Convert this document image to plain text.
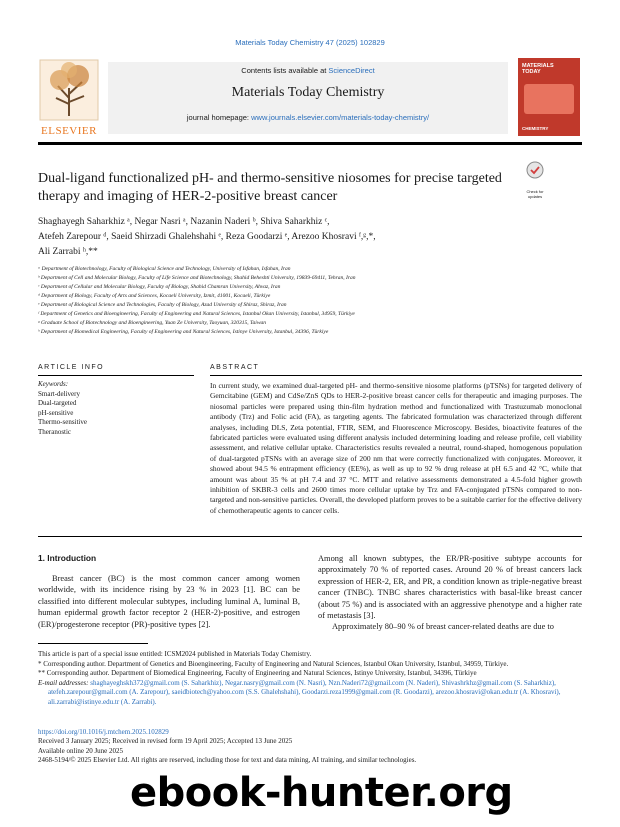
Materials Today Chemistry 47 (2025) 102829
ELSEVIER
Contents lists available at ScienceDirect
Materials Today Chemistry
journal homepage: www.journals.elsevier.com/materials-today-chemistry/
MATERIALS
TODAY
CHEMISTRY
Dual-ligand functionalized pH- and thermo-sensitive niosomes for precise targeted therapy and imaging of HER-2-positive breast cancer	Check for updates
Shaghayegh Saharkhiz ᵃ, Negar Nasri ᵃ, Nazanin Naderi ᵇ, Shiva Saharkhiz ᶜ,
Atefeh Zarepour ᵈ, Saeid Shirzadi Ghalehshahi ᵉ, Reza Goodarzi ᵉ, Arezoo Khosravi ᶠ,ᵍ,*,
Ali Zarrabi ʰ,**
ᵃ Department of Biotechnology, Faculty of Biological Science and Technology, University of Isfahan, Isfahan, Iran
ᵇ Department of Cell and Molecular Biology, Faculty of Life Science and Biotechnology, Shahid Beheshti University, 19839-69411, Tehran, Iran
ᶜ Department of Cellular and Molecular Biology, Faculty of Biology, Shahid Chamran University, Ahvaz, Iran
ᵈ Department of Biology, Faculty of Arts and Sciences, Kocaeli University, Izmit, 41001, Kocaeli, Türkiye
ᵉ Department of Biological Science and Technologies, Faculty of Biology, Azad University of Shiraz, Shiraz, Iran
ᶠ Department of Genetics and Bioengineering, Faculty of Engineering and Natural Sciences, Istanbul Okan University, Istanbul, 34959, Türkiye
ᵍ Graduate School of Biotechnology and Bioengineering, Yuan Ze University, Taoyuan, 320315, Taiwan
ʰ Department of Biomedical Engineering, Faculty of Engineering and Natural Sciences, Istinye University, Istanbul, 34396, Türkiye
ARTICLE INFO	ABSTRACT
Keywords:
Smart-delivery
Dual-targeted
pH-sensitive
Thermo-sensitive
Theranostic
In current study, we examined dual-targeted pH- and thermo-sensitive niosome platforms (pTSNs) for targeted delivery of Gemcitabine (GEM) and CdSe/ZnS QDs to HER-2-positive breast cancer cells for therapeutic and imaging purposes. The niosomal particles were prepared using thin-film hydration method and functionalized with Trastuzumab monoclonal antibody (Trz) and Folic acid (FA), as targeting agents. The fabricated formulation was characterized through different analyses, including DLS, Zeta potential, FTIR, SEM, and Fluorescence Microscopy. Besides, bioactivite features of the fabricated particles were evaluated using different analysis included determining loading and release profile, cell viability assessment, and relative cellular uptake. Characteristics results revealed a neutral, round-shaped, homogenous population of dual-targeted pTSNs with an average size of 200 nm that were correctly functionalized with conjugates. Moreover, it showed about 94.5 % entrapment efficiency (EE%), as well as up to 92 % drug release at pH 6.5 and 42 °C, while that amount was about 35 % at pH 7.4 and 37 °C. MTT and relative assessments demonstrated a 4.5-fold higher growth inhibition of SKBR-3 cells and 2600 times more cellular uptake by Trz and FA-conjugated pTSNs compared to non-targeted and non-sensitive particles. Overall, the developed platform proves to be a suitable carrier for the effective delivery of chemotherapeutic agents to cancer cells.
1. Introduction
Breast cancer (BC) is the most common cancer among women worldwide, with its incidence rising by 23 % in 2023 [1]. BC can be classified into different molecular subtypes, including luminal A, luminal B, human epidermal growth factor receptor 2 (HER-2)-positive, and estrogen (ER)/progesterone receptor (PR)-positive types [2].
Among all known subtypes, the ER/PR-positive subtype accounts for approximately 70 % of reported cases. Around 20 % of breast cancers lack expression of HER-2, ER, and PR, a condition known as triple-negative breast cancer (TNBC). TNBC shares characteristics with basal-like breast cancer (about 75 %) and is associated with an aggressive phenotype and a higher rate of metastasis [3].
Approximately 80–90 % of breast cancer-related deaths are due to

This article is part of a special issue entitled: ICSM2024 published in Materials Today Chemistry.

* Corresponding author. Department of Genetics and Bioengineering, Faculty of Engineering and Natural Sciences, Istanbul Okan University, Istanbul, 34959, Türkiye.

** Corresponding author. Department of Biomedical Engineering, Faculty of Engineering and Natural Sciences, Istinye University, Istanbul, 34396, Türkiye

E-mail addresses: shaghayeghskh372@gmail.com (S. Saharkhiz), Negar.nasry@gmail.com (N. Nasri), Nzn.Naderi72@gmail.com (N. Naderi), Shivashrkhz@gmail.com (S. Saharkhiz), atefeh.zarepour@gmail.com (A. Zarepour), saeidbiotech@yahoo.com (S.S. Ghalehshahi), Goodarzi.reza1999@gmail.com (R. Goodarzi), arezoo.khosravi@okan.edu.tr (A. Khosravi), ali.zarrabi@istinye.edu.tr (A. Zarrabi).

https://doi.org/10.1016/j.mtchem.2025.102829
Received 3 January 2025; Received in revised form 19 April 2025; Accepted 13 June 2025
Available online 20 June 2025
2468-5194/© 2025 Elsevier Ltd. All rights are reserved, including those for text and data mining, AI training, and similar technologies.
ebook-hunter.org
